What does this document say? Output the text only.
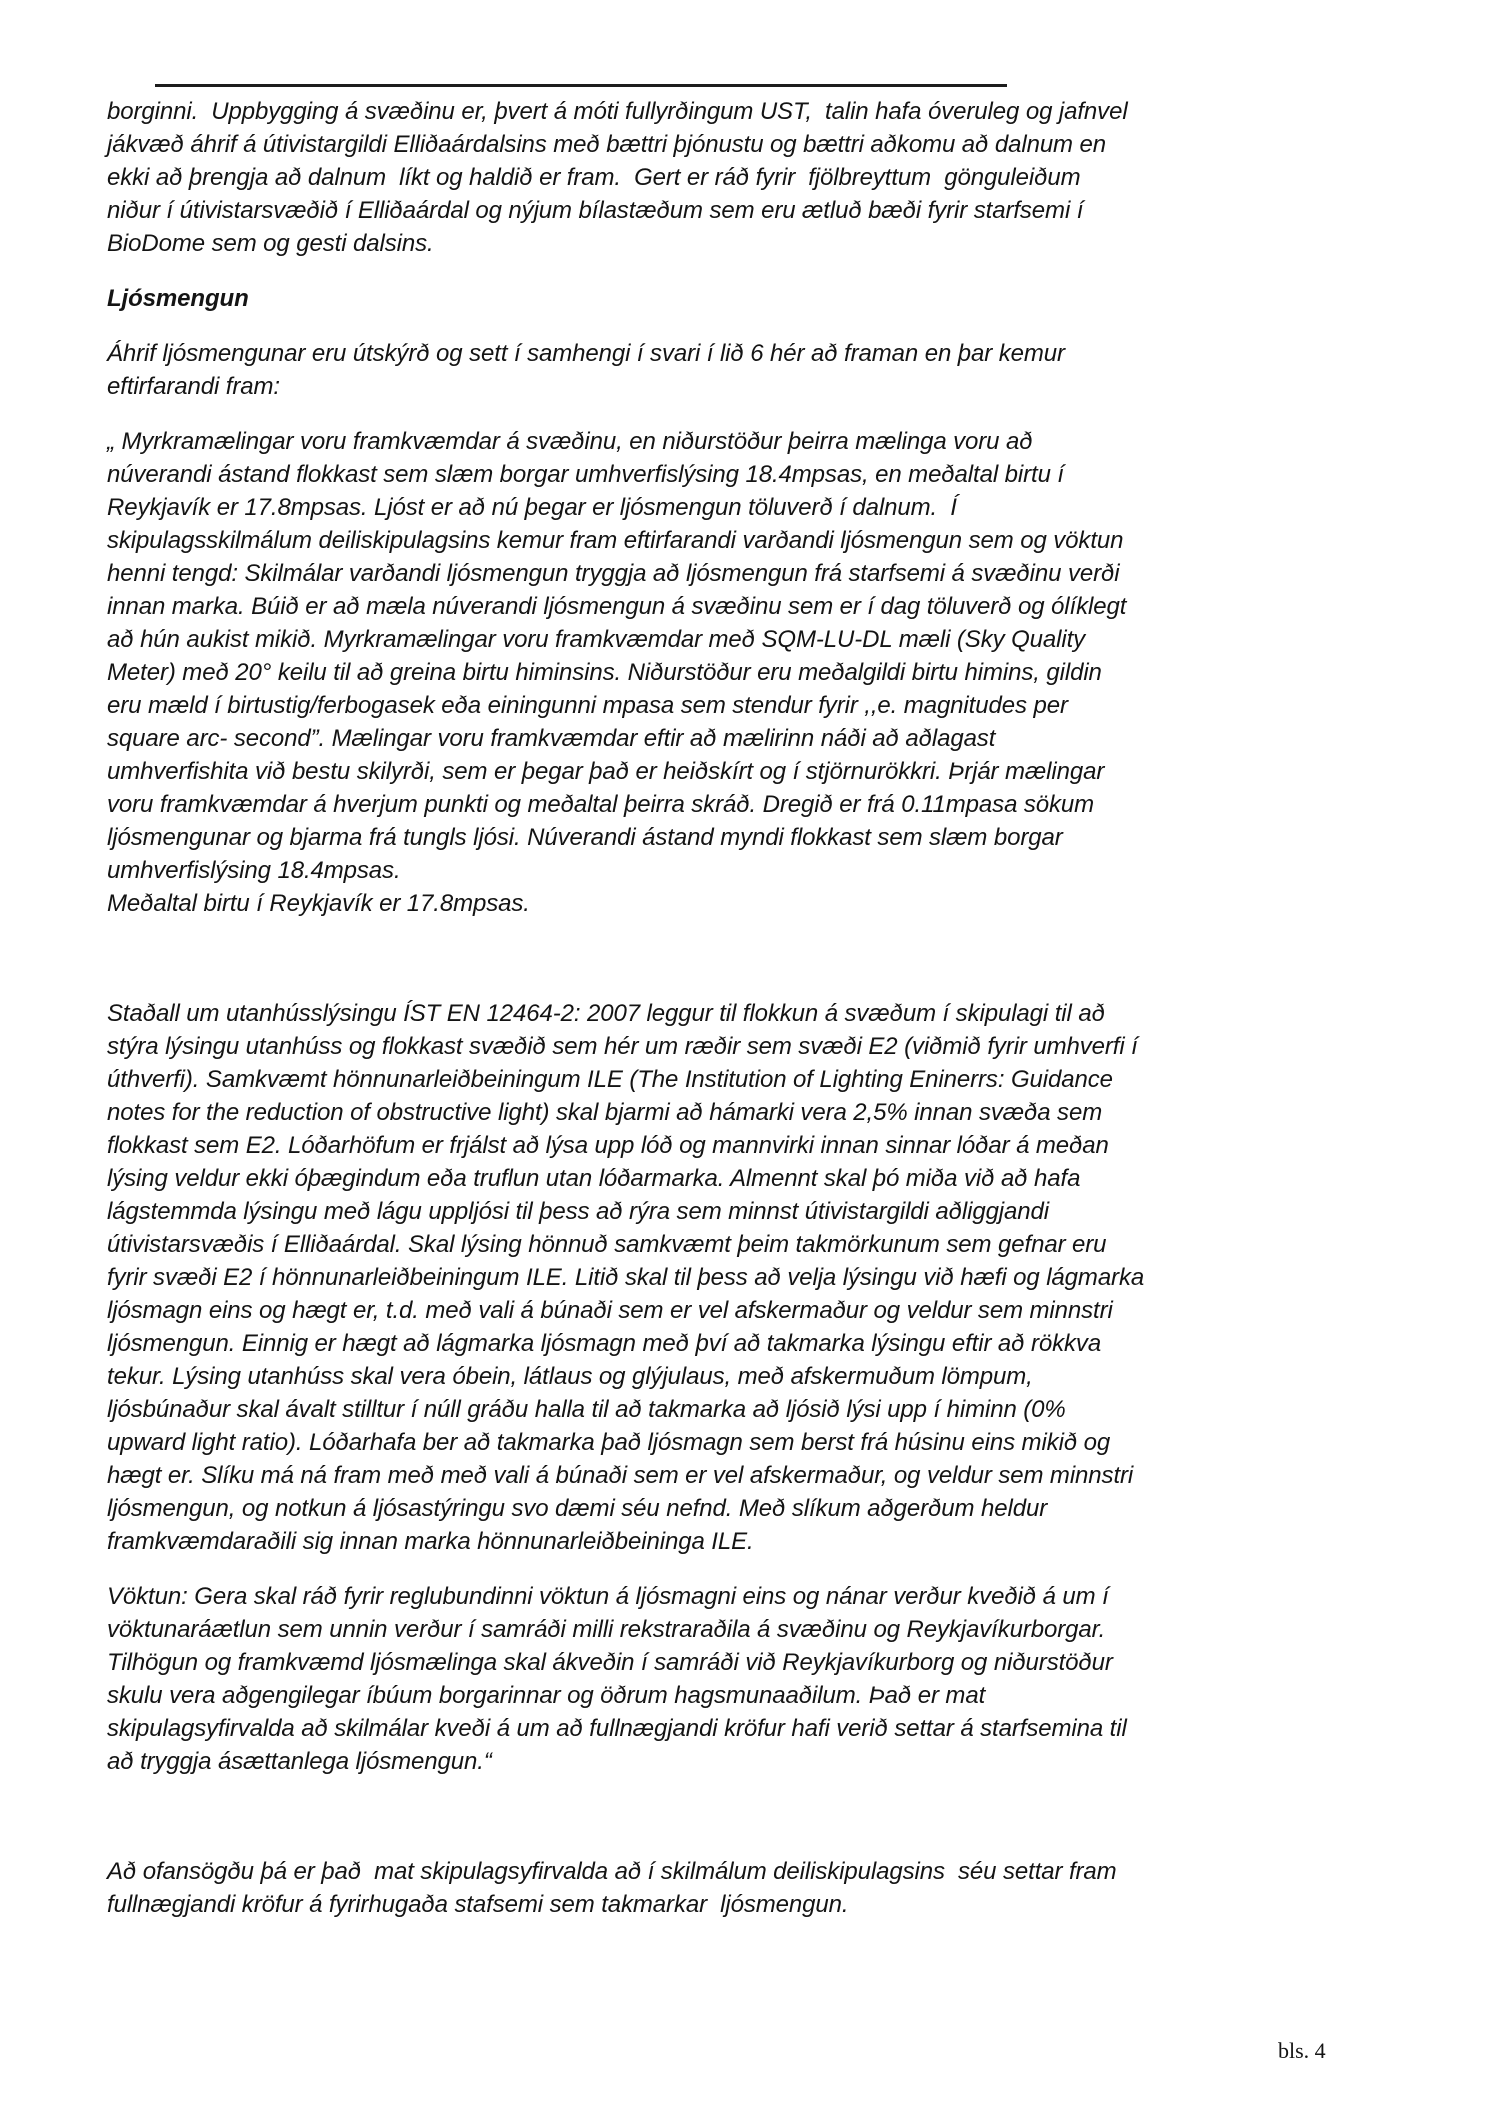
borginni.  Uppbygging á svæðinu er, þvert á móti fullyrðingum UST,  talin hafa óveruleg og jafnvel
jákvæð áhrif á útivistargildi Elliðaárdalsins með bættri þjónustu og bættri aðkomu að dalnum en
ekki að þrengja að dalnum  líkt og haldið er fram.  Gert er ráð fyrir  fjölbreyttum  gönguleiðum
niður í útivistarsvæðið í Elliðaárdal og nýjum bílastæðum sem eru ætluð bæði fyrir starfsemi í
BioDome sem og gesti dalsins.
Ljósmengun
Áhrif ljósmengunar eru útskýrð og sett í samhengi í svari í lið 6 hér að framan en þar kemur
eftirfarandi fram:
„ Myrkramælingar voru framkvæmdar á svæðinu, en niðurstöður þeirra mælinga voru að
núverandi ástand flokkast sem slæm borgar umhverfislýsing 18.4mpsas, en meðaltal birtu í
Reykjavík er 17.8mpsas. Ljóst er að nú þegar er ljósmengun töluverð í dalnum.  Í
skipulagsskilmálum deiliskipulagsins kemur fram eftirfarandi varðandi ljósmengun sem og vöktun
henni tengd: Skilmálar varðandi ljósmengun tryggja að ljósmengun frá starfsemi á svæðinu verði
innan marka. Búið er að mæla núverandi ljósmengun á svæðinu sem er í dag töluverð og ólíklegt
að hún aukist mikið. Myrkramælingar voru framkvæmdar með SQM-LU-DL mæli (Sky Quality
Meter) með 20° keilu til að greina birtu himinsins. Niðurstöður eru meðalgildi birtu himins, gildin
eru mæld í birtustig/ferbogasek eða einingunni mpasa sem stendur fyrir ,,e. magnitudes per
square arc- second”. Mælingar voru framkvæmdar eftir að mælirinn náði að aðlagast
umhverfishita við bestu skilyrði, sem er þegar það er heiðskírt og í stjörnurökkri. Þrjár mælingar
voru framkvæmdar á hverjum punkti og meðaltal þeirra skráð. Dregið er frá 0.11mpasa sökum
ljósmengunar og bjarma frá tungls ljósi. Núverandi ástand myndi flokkast sem slæm borgar
umhverfislýsing 18.4mpsas.
Meðaltal birtu í Reykjavík er 17.8mpsas.
Staðall um utanhússlýsingu ÍST EN 12464-2: 2007 leggur til flokkun á svæðum í skipulagi til að
stýra lýsingu utanhúss og flokkast svæðið sem hér um ræðir sem svæði E2 (viðmið fyrir umhverfi í
úthverfi). Samkvæmt hönnunarleiðbeiningum ILE (The Institution of Lighting Eninerrs: Guidance
notes for the reduction of obstructive light) skal bjarmi að hámarki vera 2,5% innan svæða sem
flokkast sem E2. Lóðarhöfum er frjálst að lýsa upp lóð og mannvirki innan sinnar lóðar á meðan
lýsing veldur ekki óþægindum eða truflun utan lóðarmarka. Almennt skal þó miða við að hafa
lágstemmda lýsingu með lágu uppljósi til þess að rýra sem minnst útivistargildi aðliggjandi
útivistarsvæðis í Elliðaárdal. Skal lýsing hönnuð samkvæmt þeim takmörkunum sem gefnar eru
fyrir svæði E2 í hönnunarleiðbeiningum ILE. Litið skal til þess að velja lýsingu við hæfi og lágmarka
ljósmagn eins og hægt er, t.d. með vali á búnaði sem er vel afskermaður og veldur sem minnstri
ljósmengun. Einnig er hægt að lágmarka ljósmagn með því að takmarka lýsingu eftir að rökkva
tekur. Lýsing utanhúss skal vera óbein, látlaus og glýjulaus, með afskermuðum lömpum,
ljósbúnaður skal ávalt stilltur í núll gráðu halla til að takmarka að ljósið lýsi upp í himinn (0%
upward light ratio). Lóðarhafa ber að takmarka það ljósmagn sem berst frá húsinu eins mikið og
hægt er. Slíku má ná fram með með vali á búnaði sem er vel afskermaður, og veldur sem minnstri
ljósmengun, og notkun á ljósastýringu svo dæmi séu nefnd. Með slíkum aðgerðum heldur
framkvæmdaraðili sig innan marka hönnunarleiðbeininga ILE.
Vöktun: Gera skal ráð fyrir reglubundinni vöktun á ljósmagni eins og nánar verður kveðið á um í
vöktunaráætlun sem unnin verður í samráði milli rekstraraðila á svæðinu og Reykjavíkurborgar.
Tilhögun og framkvæmd ljósmælinga skal ákveðin í samráði við Reykjavíkurborg og niðurstöður
skulu vera aðgengilegar íbúum borgarinnar og öðrum hagsmunaaðilum. Það er mat
skipulagsyfirvalda að skilmálar kveði á um að fullnægjandi kröfur hafi verið settar á starfsemina til
að tryggja ásættanlega ljósmengun.“
Að ofansögðu þá er það  mat skipulagsyfirvalda að í skilmálum deiliskipulagsins  séu settar fram
fullnægjandi kröfur á fyrirhugaða stafsemi sem takmarkar  ljósmengun.
bls. 4
